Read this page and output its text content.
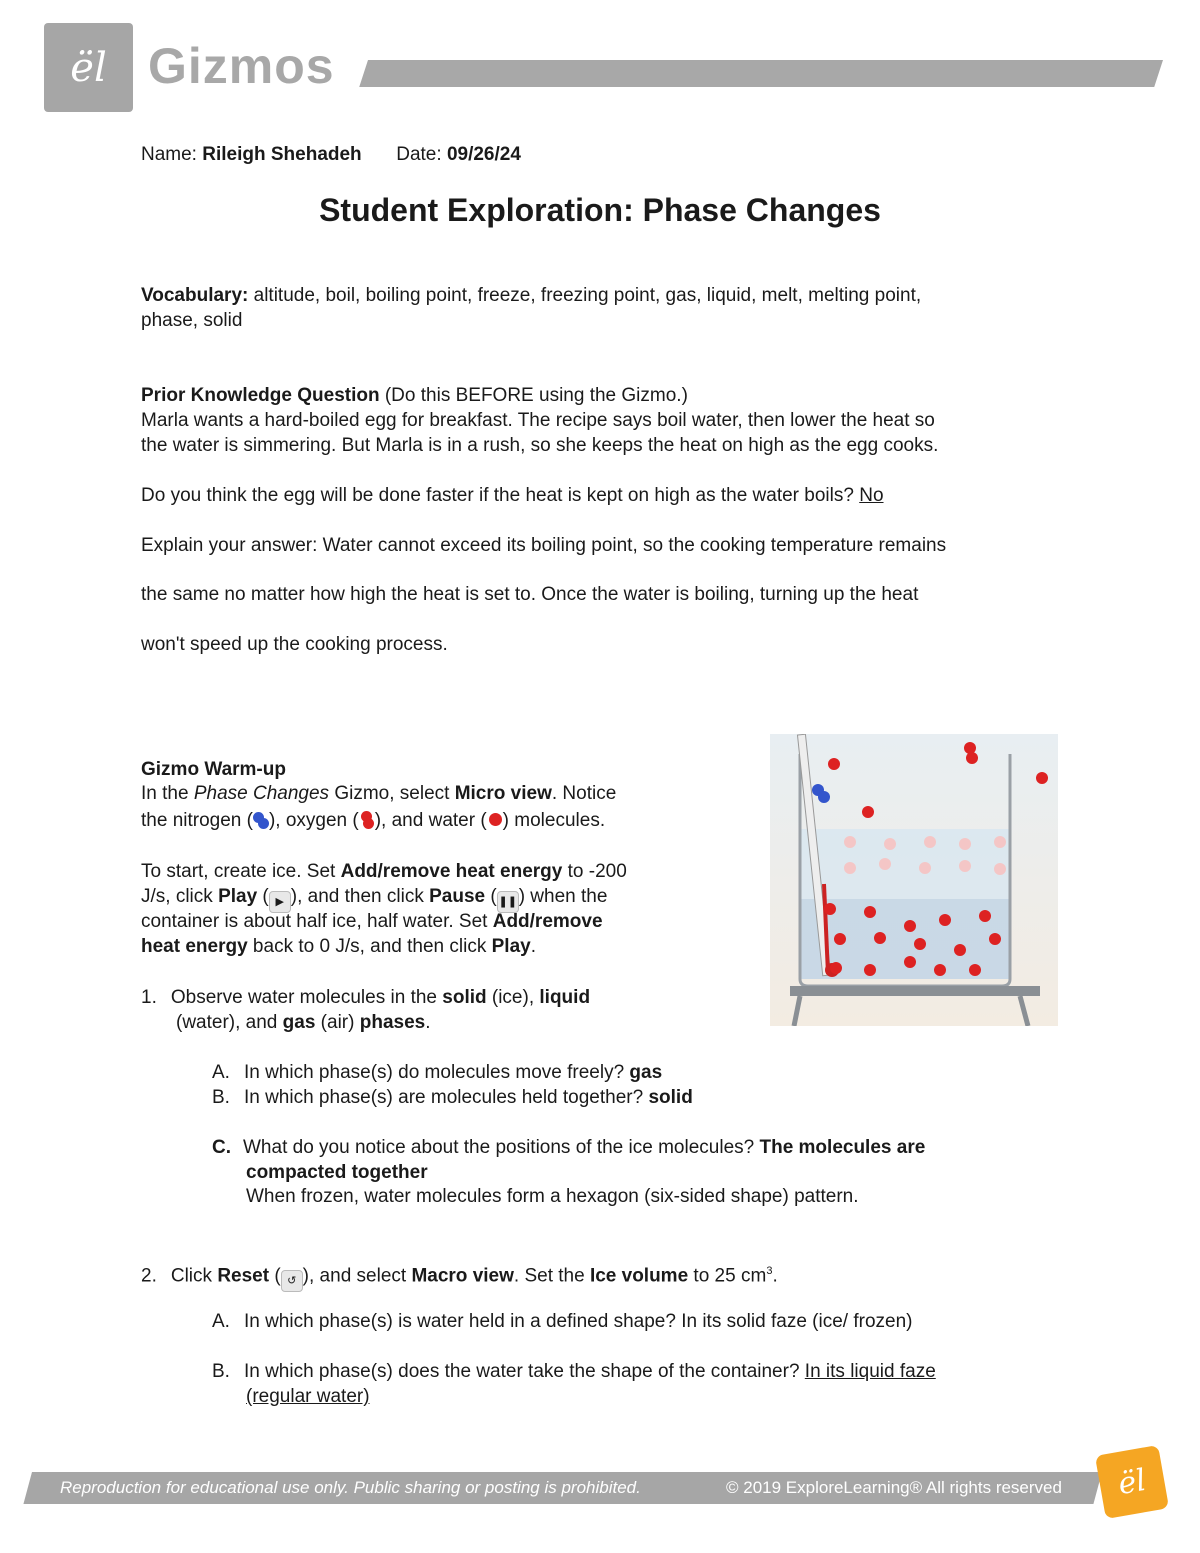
ël Gizmos
Name: Rileigh Shehadeh Date: 09/26/24
Student Exploration: Phase Changes
Vocabulary: altitude, boil, boiling point, freeze, freezing point, gas, liquid, melt, melting point,
phase, solid
Prior Knowledge Question (Do this BEFORE using the Gizmo.)
Marla wants a hard-boiled egg for breakfast. The recipe says boil water, then lower the heat so
the water is simmering. But Marla is in a rush, so she keeps the heat on high as the egg cooks.
Do you think the egg will be done faster if the heat is kept on high as the water boils? No
Explain your answer: Water cannot exceed its boiling point, so the cooking temperature remains
the same no matter how high the heat is set to. Once the water is boiling, turning up the heat
won't speed up the cooking process.
Gizmo Warm-up
In the Phase Changes Gizmo, select Micro view. Notice
the nitrogen ( ), oxygen ( ), and water ( ) molecules.
To start, create ice. Set Add/remove heat energy to -200
J/s, click Play ( ▶ ), and then click Pause ( ❚❚) when the
container is about half ice, half water. Set Add/remove
heat energy back to 0 J/s, and then click Play.
1. Observe water molecules in the solid (ice), liquid
(water), and gas (air) phases.
A. In which phase(s) do molecules move freely? gas
B. In which phase(s) are molecules held together? solid
C. What do you notice about the positions of the ice molecules? The molecules are
compacted together
When frozen, water molecules form a hexagon (six-sided shape) pattern.
2. Click Reset ( ↺ ), and select Macro view. Set the Ice volume to 25 $cm^3$.
A. In which phase(s) is water held in a defined shape? In its solid faze (ice/ frozen)
B. In which phase(s) does the water take the shape of the container? In its liquid faze
(regular water)
Reproduction for educational use only. Public sharing or posting is prohibited.	© 2019 ExploreLearning® All rights reserved ël
